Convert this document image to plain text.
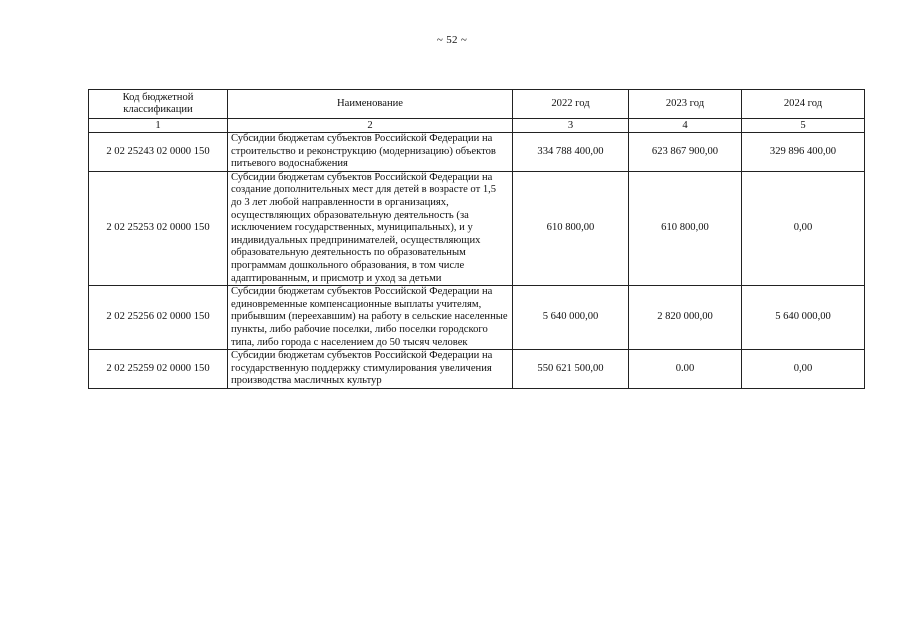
~ 52 ~
Код бюджетной классификации	Наименование	2022 год	2023 год	2024 год
1	2	3	4	5
2 02 25243 02 0000 150	Субсидии бюджетам субъектов Российской Федерации на строительство и реконструкцию (модернизацию) объектов питьевого водоснабжения	334 788 400,00	623 867 900,00	329 896 400,00
2 02 25253 02 0000 150	Субсидии бюджетам субъектов Российской Федерации на создание дополнительных мест для детей в возрасте от 1,5 до 3 лет любой направленности в организациях, осуществляющих образовательную деятельность (за исключением государственных, муниципальных), и у индивидуальных предпринимателей, осуществляющих образовательную деятельность по образовательным программам дошкольного образования, в том числе адаптированным, и присмотр и уход за детьми	610 800,00	610 800,00	0,00
2 02 25256 02 0000 150	Субсидии бюджетам субъектов Российской Федерации на единовременные компенсационные выплаты учителям, прибывшим (переехавшим) на работу в сельские населенные пункты, либо рабочие поселки, либо поселки городского типа, либо города с населением до 50 тысяч человек	5 640 000,00	2 820 000,00	5 640 000,00
2 02 25259 02 0000 150	Субсидии бюджетам субъектов Российской Федерации на государственную поддержку стимулирования увеличения производства масличных культур	550 621 500,00	0.00	0,00
